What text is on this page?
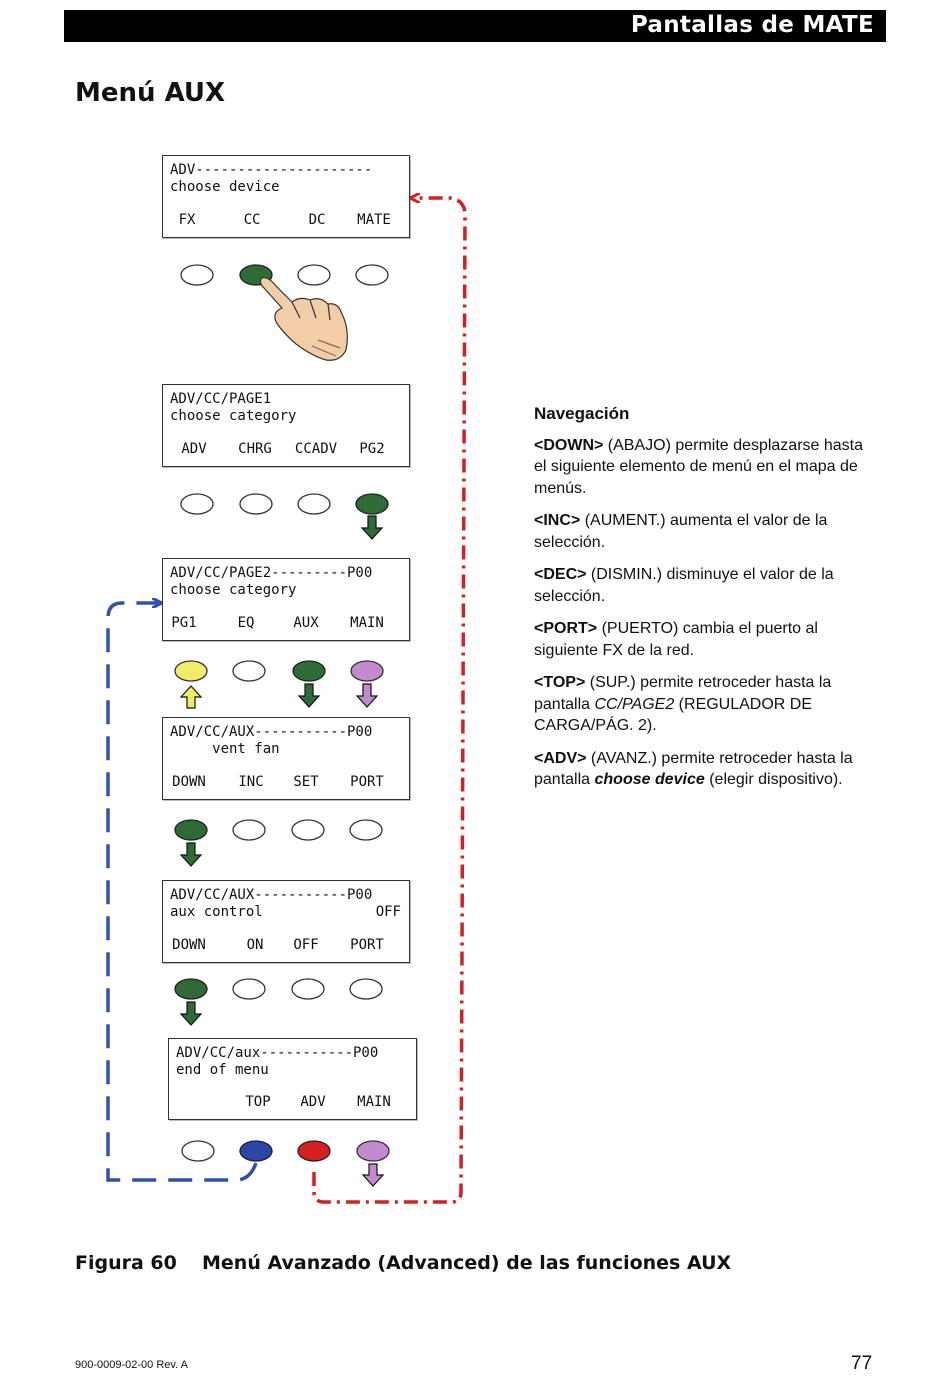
Pantallas de MATE
Menú AUX
ADV---------------------
choose device
FX	CC	DC MATE
ADV/CC/PAGE1
choose category
ADV CHRG CCADV PG2
ADV/CC/PAGE2---------P00
choose category
PG1	EQ	AUX MAIN
ADV/CC/AUX-----------P00
vent fan
DOWN INC SET PORT
ADV/CC/AUX-----------P00
aux control	OFF
DOWN	ON OFF PORT
ADV/CC/aux-----------P00
end of menu
TOP ADV MAIN
Navegación

<DOWN> (ABAJO) permite desplazarse hasta el siguiente elemento de menú en el mapa de menús.

<INC> (AUMENT.) aumenta el valor de la selección.

<DEC> (DISMIN.) disminuye el valor de la selección.

<PORT> (PUERTO) cambia el puerto al siguiente FX de la red.

<TOP> (SUP.) permite retroceder hasta la pantalla CC/PAGE2 (REGULADOR DE CARGA/PÁG. 2).

<ADV> (AVANZ.) permite retroceder hasta la pantalla choose device (elegir dispositivo).

Figura 60 Menú Avanzado (Advanced) de las funciones AUX
900-0009-02-00 Rev. A	77
